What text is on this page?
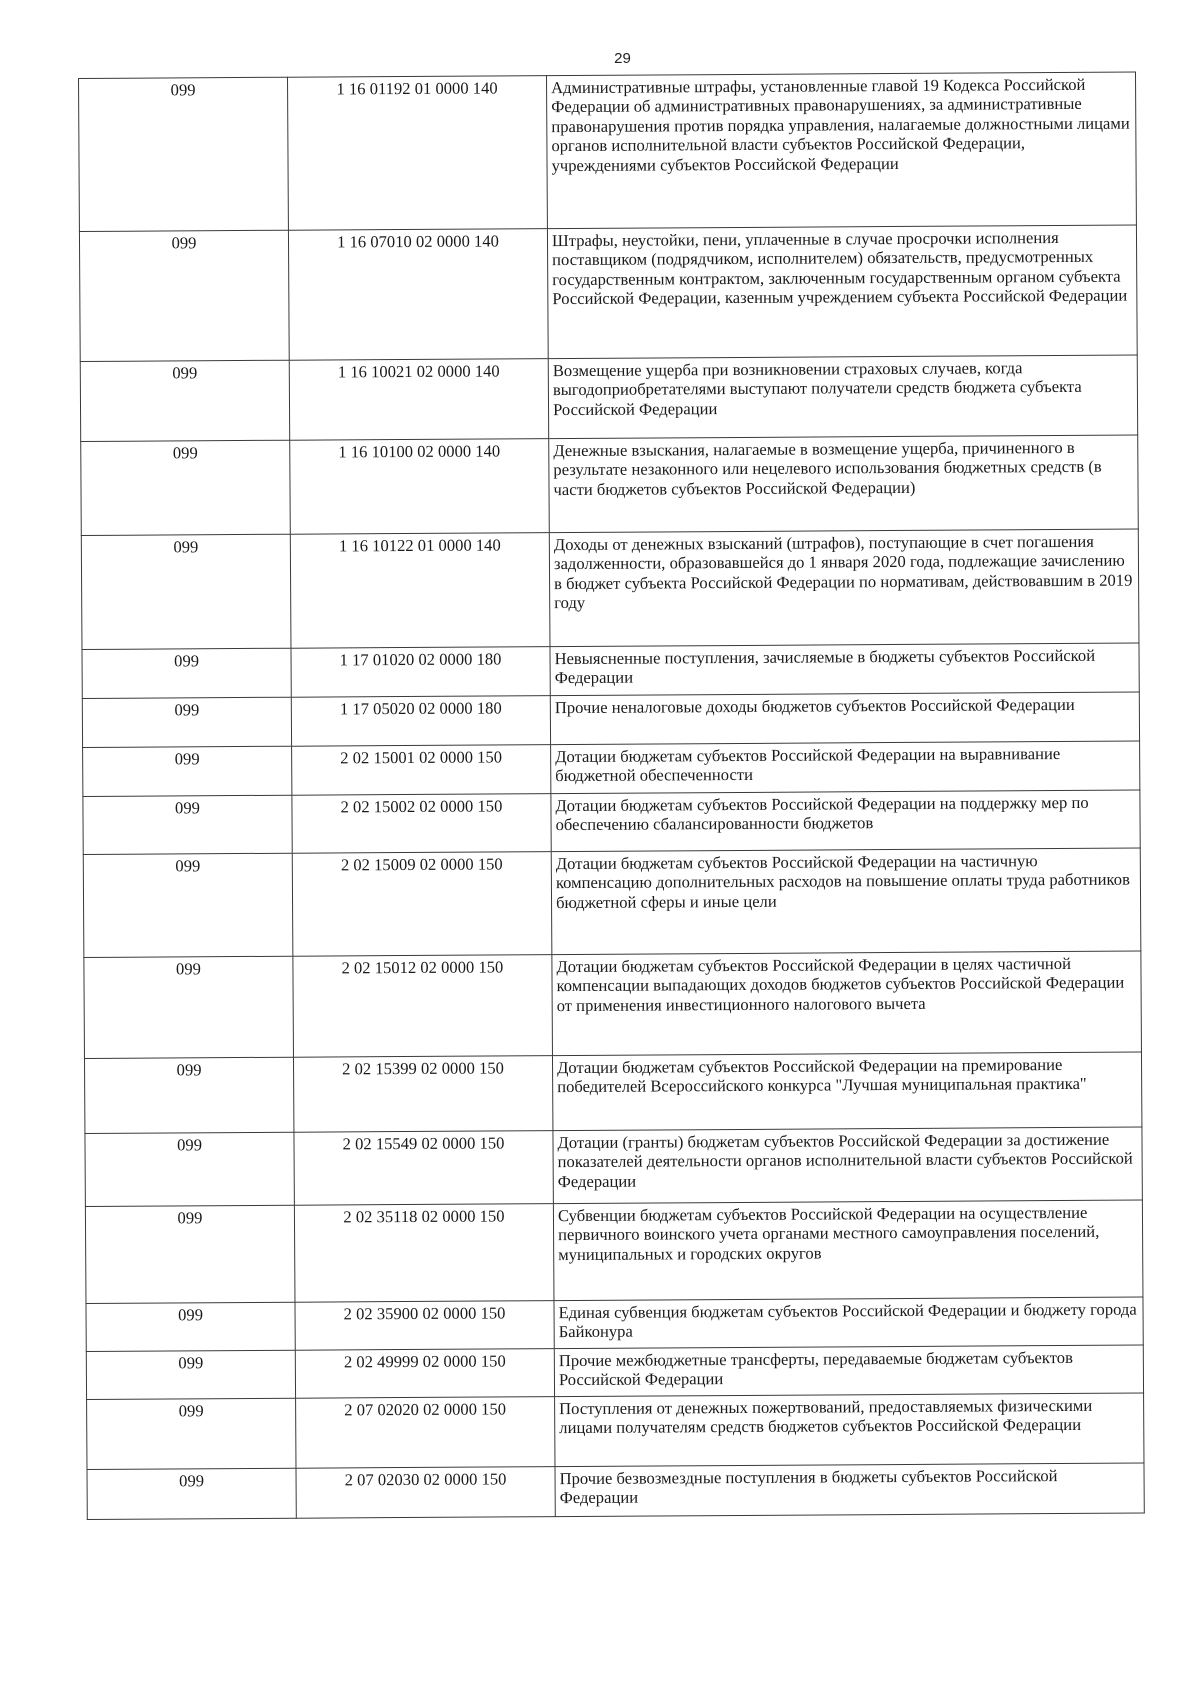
29
099	1 16 01192 01 0000 140	Административные штрафы, установленные главой 19 Кодекса Российской Федерации об административных правонарушениях, за административные правонарушения против порядка управления, налагаемые должностными лицами органов исполнительной власти субъектов Российской Федерации, учреждениями субъектов Российской Федерации
099	1 16 07010 02 0000 140	Штрафы, неустойки, пени, уплаченные в случае просрочки исполнения поставщиком (подрядчиком, исполнителем) обязательств, предусмотренных государственным контрактом, заключенным государственным органом субъекта Российской Федерации, казенным учреждением субъекта Российской Федерации
099	1 16 10021 02 0000 140	Возмещение ущерба при возникновении страховых случаев, когда выгодоприобретателями выступают получатели средств бюджета субъекта Российской Федерации
099	1 16 10100 02 0000 140	Денежные взыскания, налагаемые в возмещение ущерба, причиненного в результате незаконного или нецелевого использования бюджетных средств (в части бюджетов субъектов Российской Федерации)
099	1 16 10122 01 0000 140	Доходы от денежных взысканий (штрафов), поступающие в счет погашения задолженности, образовавшейся до 1 января 2020 года, подлежащие зачислению в бюджет субъекта Российской Федерации по нормативам, действовавшим в 2019 году
099	1 17 01020 02 0000 180	Невыясненные поступления, зачисляемые в бюджеты субъектов Российской Федерации
099	1 17 05020 02 0000 180	Прочие неналоговые доходы бюджетов субъектов Российской Федерации
099	2 02 15001 02 0000 150	Дотации бюджетам субъектов Российской Федерации на выравнивание бюджетной обеспеченности
099	2 02 15002 02 0000 150	Дотации бюджетам субъектов Российской Федерации на поддержку мер по обеспечению сбалансированности бюджетов
099	2 02 15009 02 0000 150	Дотации бюджетам субъектов Российской Федерации на частичную компенсацию дополнительных расходов на повышение оплаты труда работников бюджетной сферы и иные цели
099	2 02 15012 02 0000 150	Дотации бюджетам субъектов Российской Федерации в целях частичной компенсации выпадающих доходов бюджетов субъектов Российской Федерации от применения инвестиционного налогового вычета
099	2 02 15399 02 0000 150	Дотации бюджетам субъектов Российской Федерации на премирование победителей Всероссийского конкурса "Лучшая муниципальная практика"
099	2 02 15549 02 0000 150	Дотации (гранты) бюджетам субъектов Российской Федерации за достижение показателей деятельности органов исполнительной власти субъектов Российской Федерации
099	2 02 35118 02 0000 150	Субвенции бюджетам субъектов Российской Федерации на осуществление первичного воинского учета органами местного самоуправления поселений, муниципальных и городских округов
099	2 02 35900 02 0000 150	Единая субвенция бюджетам субъектов Российской Федерации и бюджету города Байконура
099	2 02 49999 02 0000 150	Прочие межбюджетные трансферты, передаваемые бюджетам субъектов Российской Федерации
099	2 07 02020 02 0000 150	Поступления от денежных пожертвований, предоставляемых физическими лицами получателям средств бюджетов субъектов Российской Федерации
099	2 07 02030 02 0000 150	Прочие безвозмездные поступления в бюджеты субъектов Российской Федерации
